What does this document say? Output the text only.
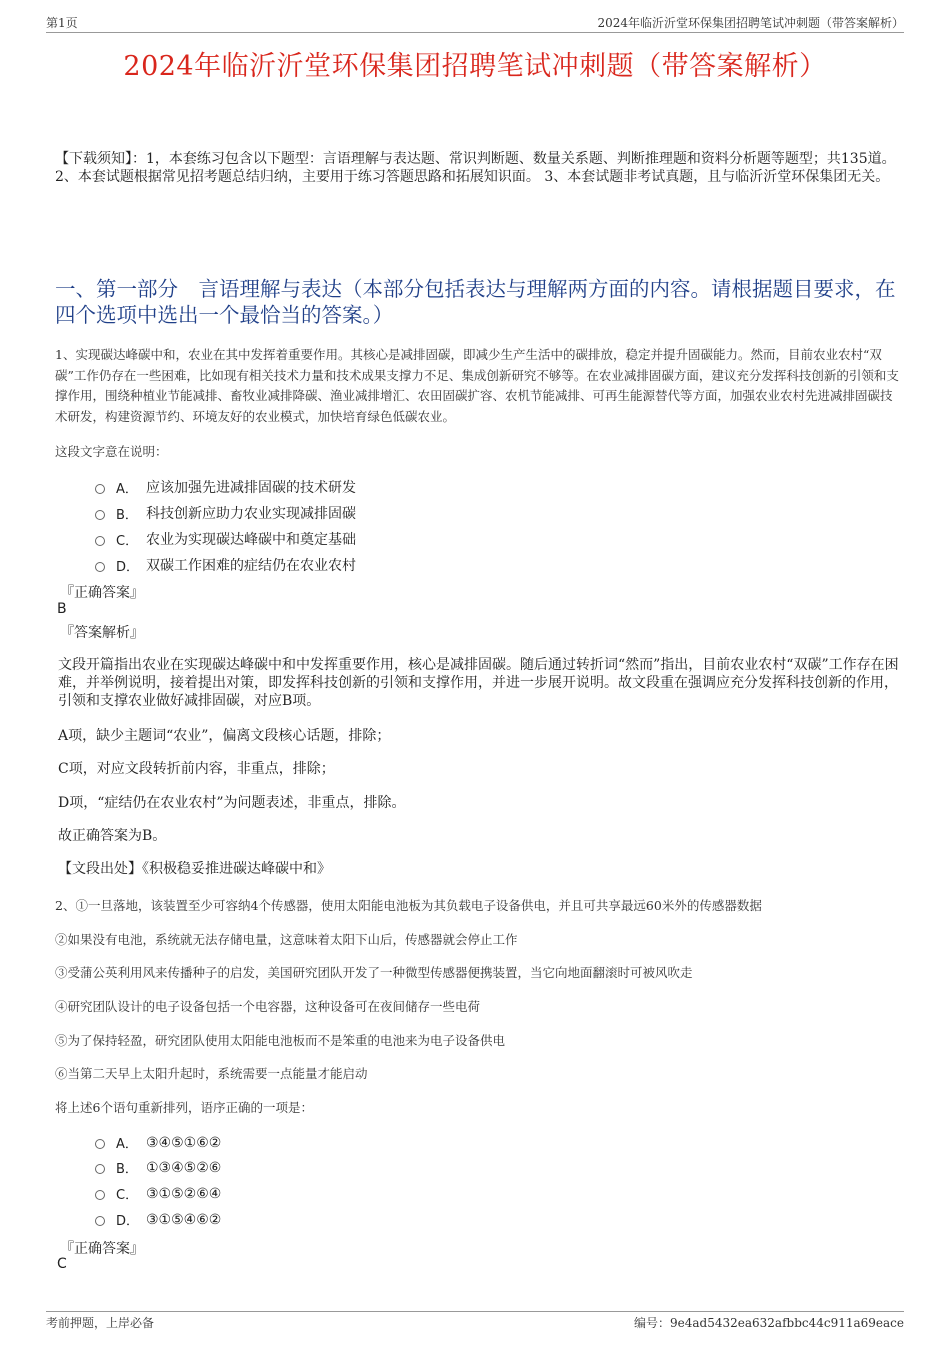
第1页	2024年临沂沂堂环保集团招聘笔试冲刺题（带答案解析）
2024年临沂沂堂环保集团招聘笔试冲刺题（带答案解析）
【下载须知】：1，本套练习包含以下题型：言语理解与表达题、常识判断题、数量关系题、判断推理题和资料分析题等题型；共135道。 2、本套试题根据常见招考题总结归纳，主要用于练习答题思路和拓展知识面。 3、本套试题非考试真题，且与临沂沂堂环保集团无关。
一、第一部分　言语理解与表达（本部分包括表达与理解两方面的内容。请根据题目要求，在四个选项中选出一个最恰当的答案。）
1、实现碳达峰碳中和，农业在其中发挥着重要作用。其核心是减排固碳，即减少生产生活中的碳排放，稳定并提升固碳能力。然而，目前农业农村“双碳”工作仍存在一些困难，比如现有相关技术力量和技术成果支撑力不足、集成创新研究不够等。在农业减排固碳方面，建议充分发挥科技创新的引领和支撑作用，围绕种植业节能减排、畜牧业减排降碳、渔业减排增汇、农田固碳扩容、农机节能减排、可再生能源替代等方面，加强农业农村先进减排固碳技术研发，构建资源节约、环境友好的农业模式，加快培育绿色低碳农业。
这段文字意在说明：
A． 应该加强先进减排固碳的技术研发
B． 科技创新应助力农业实现减排固碳
C． 农业为实现碳达峰碳中和奠定基础
D． 双碳工作困难的症结仍在农业农村
『正确答案』
B
『答案解析』
文段开篇指出农业在实现碳达峰碳中和中发挥重要作用，核心是减排固碳。随后通过转折词“然而”指出，目前农业农村“双碳”工作存在困难，并举例说明，接着提出对策，即发挥科技创新的引领和支撑作用，并进一步展开说明。故文段重在强调应充分发挥科技创新的作用，引领和支撑农业做好减排固碳，对应B项。
A项，缺少主题词“农业”，偏离文段核心话题，排除；
C项，对应文段转折前内容，非重点，排除；
D项，“症结仍在农业农村”为问题表述，非重点，排除。
故正确答案为B。
【文段出处】《积极稳妥推进碳达峰碳中和》
2、①一旦落地，该装置至少可容纳4个传感器，使用太阳能电池板为其负载电子设备供电，并且可共享最远60米外的传感器数据
②如果没有电池，系统就无法存储电量，这意味着太阳下山后，传感器就会停止工作
③受蒲公英利用风来传播种子的启发，美国研究团队开发了一种微型传感器便携装置，当它向地面翻滚时可被风吹走
④研究团队设计的电子设备包括一个电容器，这种设备可在夜间储存一些电荷
⑤为了保持轻盈，研究团队使用太阳能电池板而不是笨重的电池来为电子设备供电
⑥当第二天早上太阳升起时，系统需要一点能量才能启动
将上述6个语句重新排列，语序正确的一项是：
A． ③④⑤①⑥②
B． ①③④⑤②⑥
C． ③①⑤②⑥④
D． ③①⑤④⑥②
『正确答案』
C
考前押题，上岸必备	编号：9e4ad5432ea632afbbc44c911a69eace
